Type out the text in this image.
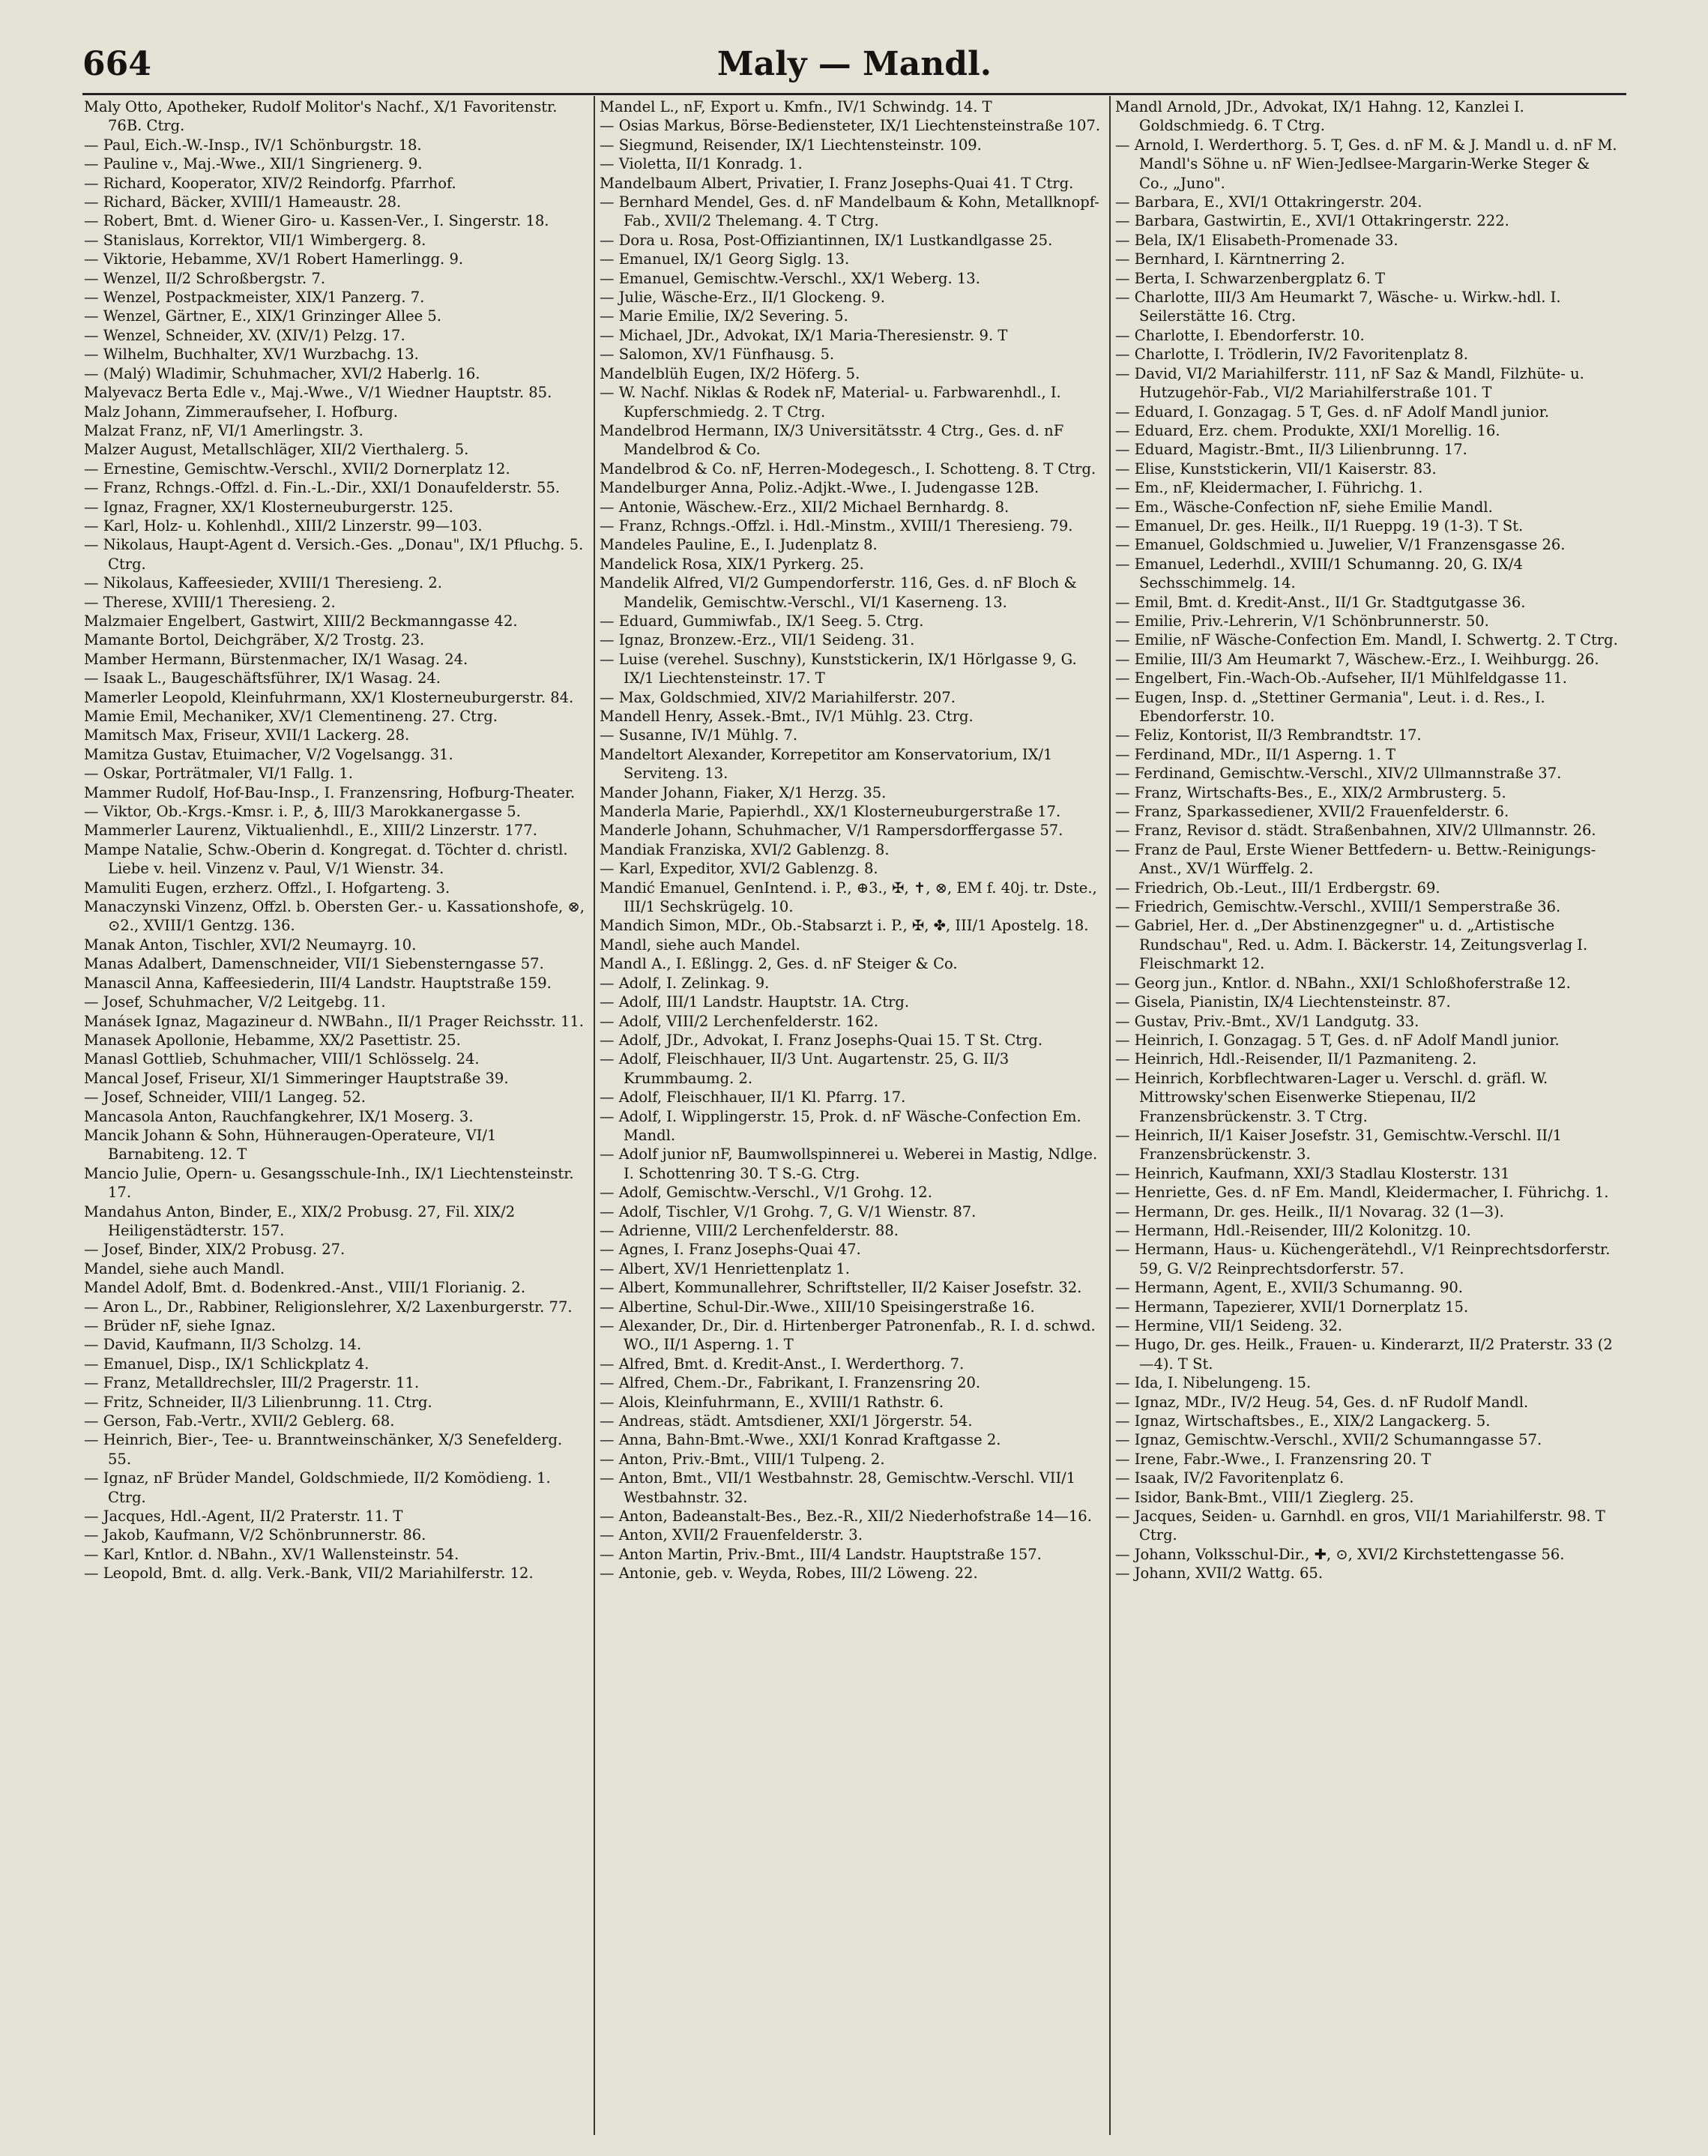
664	Maly — Mandl.
Maly Otto, Apotheker, Rudolf Molitor's Nachf., X/1 Favoritenstr. 76B. Ctrg.
— Paul, Eich.-W.-Insp., IV/1 Schönburgstr. 18.
— Pauline v., Maj.-Wwe., XII/1 Singrienerg. 9.
— Richard, Kooperator, XIV/2 Reindorfg. Pfarrhof.
— Richard, Bäcker, XVIII/1 Hameaustr. 28.
— Robert, Bmt. d. Wiener Giro- u. Kassen-Ver., I. Singerstr. 18.
— Stanislaus, Korrektor, VII/1 Wimbergerg. 8.
— Viktorie, Hebamme, XV/1 Robert Hamerlingg. 9.
— Wenzel, II/2 Schroßbergstr. 7.
— Wenzel, Postpackmeister, XIX/1 Panzerg. 7.
— Wenzel, Gärtner, E., XIX/1 Grinzinger Allee 5.
— Wenzel, Schneider, XV. (XIV/1) Pelzg. 17.
— Wilhelm, Buchhalter, XV/1 Wurzbachg. 13.
— (Malý) Wladimir, Schuhmacher, XVI/2 Haberlg. 16.
Malyevacz Berta Edle v., Maj.-Wwe., V/1 Wiedner Hauptstr. 85.
Malz Johann, Zimmeraufseher, I. Hofburg.
Malzat Franz, nF, VI/1 Amerlingstr. 3.
Malzer August, Metallschläger, XII/2 Vierthalerg. 5.
— Ernestine, Gemischtw.-Verschl., XVII/2 Dornerplatz 12.
— Franz, Rchngs.-Offzl. d. Fin.-L.-Dir., XXI/1 Donaufelderstr. 55.
— Ignaz, Fragner, XX/1 Klosterneuburgerstr. 125.
— Karl, Holz- u. Kohlenhdl., XIII/2 Linzerstr. 99—103.
— Nikolaus, Haupt-Agent d. Versich.-Ges. „Donau", IX/1 Pfluchg. 5. Ctrg.
— Nikolaus, Kaffeesieder, XVIII/1 Theresieng. 2.
— Therese, XVIII/1 Theresieng. 2.
Malzmaier Engelbert, Gastwirt, XIII/2 Beckmanngasse 42.
Mamante Bortol, Deichgräber, X/2 Trostg. 23.
Mamber Hermann, Bürstenmacher, IX/1 Wasag. 24.
— Isaak L., Baugeschäftsführer, IX/1 Wasag. 24.
Mamerler Leopold, Kleinfuhrmann, XX/1 Klosterneuburgerstr. 84.
Mamie Emil, Mechaniker, XV/1 Clementineng. 27. Ctrg.
Mamitsch Max, Friseur, XVII/1 Lackerg. 28.
Mamitza Gustav, Etuimacher, V/2 Vogelsangg. 31.
— Oskar, Porträtmaler, VI/1 Fallg. 1.
Mammer Rudolf, Hof-Bau-Insp., I. Franzensring, Hofburg-Theater.
— Viktor, Ob.-Krgs.-Kmsr. i. P., ♁, III/3 Marokkanergasse 5.
Mammerler Laurenz, Viktualienhdl., E., XIII/2 Linzerstr. 177.
Mampe Natalie, Schw.-Oberin d. Kongregat. d. Töchter d. christl. Liebe v. heil. Vinzenz v. Paul, V/1 Wienstr. 34.
Mamuliti Eugen, erzherz. Offzl., I. Hofgarteng. 3.
Manaczynski Vinzenz, Offzl. b. Obersten Ger.- u. Kassationshofe, ⊗, ⊙2., XVIII/1 Gentzg. 136.
Manak Anton, Tischler, XVI/2 Neumayrg. 10.
Manas Adalbert, Damenschneider, VII/1 Siebensterngasse 57.
Manascil Anna, Kaffeesiederin, III/4 Landstr. Hauptstraße 159.
— Josef, Schuhmacher, V/2 Leitgebg. 11.
Manásek Ignaz, Magazineur d. NWBahn., II/1 Prager Reichsstr. 11.
Manasek Apollonie, Hebamme, XX/2 Pasettistr. 25.
Manasl Gottlieb, Schuhmacher, VIII/1 Schlösselg. 24.
Mancal Josef, Friseur, XI/1 Simmeringer Hauptstraße 39.
— Josef, Schneider, VIII/1 Langeg. 52.
Mancasola Anton, Rauchfangkehrer, IX/1 Moserg. 3.
Mancik Johann & Sohn, Hühneraugen-Operateure, VI/1 Barnabiteng. 12. T
Mancio Julie, Opern- u. Gesangsschule-Inh., IX/1 Liechtensteinstr. 17.
Mandahus Anton, Binder, E., XIX/2 Probusg. 27, Fil. XIX/2 Heiligenstädterstr. 157.
— Josef, Binder, XIX/2 Probusg. 27.
Mandel, siehe auch Mandl.
Mandel Adolf, Bmt. d. Bodenkred.-Anst., VIII/1 Florianig. 2.
— Aron L., Dr., Rabbiner, Religionslehrer, X/2 Laxenburgerstr. 77.
— Brüder nF, siehe Ignaz.
— David, Kaufmann, II/3 Scholzg. 14.
— Emanuel, Disp., IX/1 Schlickplatz 4.
— Franz, Metalldrechsler, III/2 Pragerstr. 11.
— Fritz, Schneider, II/3 Lilienbrunng. 11. Ctrg.
— Gerson, Fab.-Vertr., XVII/2 Geblerg. 68.
— Heinrich, Bier-, Tee- u. Branntweinschänker, X/3 Senefelderg. 55.
— Ignaz, nF Brüder Mandel, Goldschmiede, II/2 Komödieng. 1. Ctrg.
— Jacques, Hdl.-Agent, II/2 Praterstr. 11. T
— Jakob, Kaufmann, V/2 Schönbrunnerstr. 86.
— Karl, Kntlor. d. NBahn., XV/1 Wallensteinstr. 54.
— Leopold, Bmt. d. allg. Verk.-Bank, VII/2 Mariahilferstr. 12.
Mandel L., nF, Export u. Kmfn., IV/1 Schwindg. 14. T
— Osias Markus, Börse-Bediensteter, IX/1 Liechtensteinstraße 107.
— Siegmund, Reisender, IX/1 Liechtensteinstr. 109.
— Violetta, II/1 Konradg. 1.
Mandelbaum Albert, Privatier, I. Franz Josephs-Quai 41. T Ctrg.
— Bernhard Mendel, Ges. d. nF Mandelbaum & Kohn, Metallknopf-Fab., XVII/2 Thelemang. 4. T Ctrg.
— Dora u. Rosa, Post-Offiziantinnen, IX/1 Lustkandlgasse 25.
— Emanuel, IX/1 Georg Siglg. 13.
— Emanuel, Gemischtw.-Verschl., XX/1 Weberg. 13.
— Julie, Wäsche-Erz., II/1 Glockeng. 9.
— Marie Emilie, IX/2 Severing. 5.
— Michael, JDr., Advokat, IX/1 Maria-Theresienstr. 9. T
— Salomon, XV/1 Fünfhausg. 5.
Mandelblüh Eugen, IX/2 Höferg. 5.
— W. Nachf. Niklas & Rodek nF, Material- u. Farbwarenhdl., I. Kupferschmiedg. 2. T Ctrg.
Mandelbrod Hermann, IX/3 Universitätsstr. 4 Ctrg., Ges. d. nF Mandelbrod & Co.
Mandelbrod & Co. nF, Herren-Modegesch., I. Schotteng. 8. T Ctrg.
Mandelburger Anna, Poliz.-Adjkt.-Wwe., I. Judengasse 12B.
— Antonie, Wäschew.-Erz., XII/2 Michael Bernhardg. 8.
— Franz, Rchngs.-Offzl. i. Hdl.-Minstm., XVIII/1 Theresieng. 79.
Mandeles Pauline, E., I. Judenplatz 8.
Mandelick Rosa, XIX/1 Pyrkerg. 25.
Mandelik Alfred, VI/2 Gumpendorferstr. 116, Ges. d. nF Bloch & Mandelik, Gemischtw.-Verschl., VI/1 Kaserneng. 13.
— Eduard, Gummiwfab., IX/1 Seeg. 5. Ctrg.
— Ignaz, Bronzew.-Erz., VII/1 Seideng. 31.
— Luise (verehel. Suschny), Kunststickerin, IX/1 Hörlgasse 9, G. IX/1 Liechtensteinstr. 17. T
— Max, Goldschmied, XIV/2 Mariahilferstr. 207.
Mandell Henry, Assek.-Bmt., IV/1 Mühlg. 23. Ctrg.
— Susanne, IV/1 Mühlg. 7.
Mandeltort Alexander, Korrepetitor am Konservatorium, IX/1 Serviteng. 13.
Mander Johann, Fiaker, X/1 Herzg. 35.
Manderla Marie, Papierhdl., XX/1 Klosterneuburgerstraße 17.
Manderle Johann, Schuhmacher, V/1 Rampersdorffergasse 57.
Mandiak Franziska, XVI/2 Gablenzg. 8.
— Karl, Expeditor, XVI/2 Gablenzg. 8.
Mandić Emanuel, GenIntend. i. P., ⊕3., ✠, ✝, ⊗, EM f. 40j. tr. Dste., III/1 Sechskrügelg. 10.
Mandich Simon, MDr., Ob.-Stabsarzt i. P., ✠, ✤, III/1 Apostelg. 18.
Mandl, siehe auch Mandel.
Mandl A., I. Eßlingg. 2, Ges. d. nF Steiger & Co.
— Adolf, I. Zelinkag. 9.
— Adolf, III/1 Landstr. Hauptstr. 1A. Ctrg.
— Adolf, VIII/2 Lerchenfelderstr. 162.
— Adolf, JDr., Advokat, I. Franz Josephs-Quai 15. T St. Ctrg.
— Adolf, Fleischhauer, II/3 Unt. Augartenstr. 25, G. II/3 Krummbaumg. 2.
— Adolf, Fleischhauer, II/1 Kl. Pfarrg. 17.
— Adolf, I. Wipplingerstr. 15, Prok. d. nF Wäsche-Confection Em. Mandl.
— Adolf junior nF, Baumwollspinnerei u. Weberei in Mastig, Ndlge. I. Schottenring 30. T S.-G. Ctrg.
— Adolf, Gemischtw.-Verschl., V/1 Grohg. 12.
— Adolf, Tischler, V/1 Grohg. 7, G. V/1 Wienstr. 87.
— Adrienne, VIII/2 Lerchenfelderstr. 88.
— Agnes, I. Franz Josephs-Quai 47.
— Albert, XV/1 Henriettenplatz 1.
— Albert, Kommunallehrer, Schriftsteller, II/2 Kaiser Josefstr. 32.
— Albertine, Schul-Dir.-Wwe., XIII/10 Speisingerstraße 16.
— Alexander, Dr., Dir. d. Hirtenberger Patronenfab., R. I. d. schwd. WO., II/1 Asperng. 1. T
— Alfred, Bmt. d. Kredit-Anst., I. Werderthorg. 7.
— Alfred, Chem.-Dr., Fabrikant, I. Franzensring 20.
— Alois, Kleinfuhrmann, E., XVIII/1 Rathstr. 6.
— Andreas, städt. Amtsdiener, XXI/1 Jörgerstr. 54.
— Anna, Bahn-Bmt.-Wwe., XXI/1 Konrad Kraftgasse 2.
— Anton, Priv.-Bmt., VIII/1 Tulpeng. 2.
— Anton, Bmt., VII/1 Westbahnstr. 28, Gemischtw.-Verschl. VII/1 Westbahnstr. 32.
— Anton, Badeanstalt-Bes., Bez.-R., XII/2 Niederhofstraße 14—16.
— Anton, XVII/2 Frauenfelderstr. 3.
— Anton Martin, Priv.-Bmt., III/4 Landstr. Hauptstraße 157.
— Antonie, geb. v. Weyda, Robes, III/2 Löweng. 22.
Mandl Arnold, JDr., Advokat, IX/1 Hahng. 12, Kanzlei I. Goldschmiedg. 6. T Ctrg.
— Arnold, I. Werderthorg. 5. T, Ges. d. nF M. & J. Mandl u. d. nF M. Mandl's Söhne u. nF Wien-Jedlsee-Margarin-Werke Steger & Co., „Juno".
— Barbara, E., XVI/1 Ottakringerstr. 204.
— Barbara, Gastwirtin, E., XVI/1 Ottakringerstr. 222.
— Bela, IX/1 Elisabeth-Promenade 33.
— Bernhard, I. Kärntnerring 2.
— Berta, I. Schwarzenbergplatz 6. T
— Charlotte, III/3 Am Heumarkt 7, Wäsche- u. Wirkw.-hdl. I. Seilerstätte 16. Ctrg.
— Charlotte, I. Ebendorferstr. 10.
— Charlotte, I. Trödlerin, IV/2 Favoritenplatz 8.
— David, VI/2 Mariahilferstr. 111, nF Saz & Mandl, Filzhüte- u. Hutzugehör-Fab., VI/2 Mariahilferstraße 101. T
— Eduard, I. Gonzagag. 5 T, Ges. d. nF Adolf Mandl junior.
— Eduard, Erz. chem. Produkte, XXI/1 Morellig. 16.
— Eduard, Magistr.-Bmt., II/3 Lilienbrunng. 17.
— Elise, Kunststickerin, VII/1 Kaiserstr. 83.
— Em., nF, Kleidermacher, I. Führichg. 1.
— Em., Wäsche-Confection nF, siehe Emilie Mandl.
— Emanuel, Dr. ges. Heilk., II/1 Rueppg. 19 (1-3). T St.
— Emanuel, Goldschmied u. Juwelier, V/1 Franzensgasse 26.
— Emanuel, Lederhdl., XVIII/1 Schumanng. 20, G. IX/4 Sechsschimmelg. 14.
— Emil, Bmt. d. Kredit-Anst., II/1 Gr. Stadtgutgasse 36.
— Emilie, Priv.-Lehrerin, V/1 Schönbrunnerstr. 50.
— Emilie, nF Wäsche-Confection Em. Mandl, I. Schwertg. 2. T Ctrg.
— Emilie, III/3 Am Heumarkt 7, Wäschew.-Erz., I. Weihburgg. 26.
— Engelbert, Fin.-Wach-Ob.-Aufseher, II/1 Mühlfeldgasse 11.
— Eugen, Insp. d. „Stettiner Germania", Leut. i. d. Res., I. Ebendorferstr. 10.
— Feliz, Kontorist, II/3 Rembrandtstr. 17.
— Ferdinand, MDr., II/1 Asperng. 1. T
— Ferdinand, Gemischtw.-Verschl., XIV/2 Ullmannstraße 37.
— Franz, Wirtschafts-Bes., E., XIX/2 Armbrusterg. 5.
— Franz, Sparkassediener, XVII/2 Frauenfelderstr. 6.
— Franz, Revisor d. städt. Straßenbahnen, XIV/2 Ullmannstr. 26.
— Franz de Paul, Erste Wiener Bettfedern- u. Bettw.-Reinigungs-Anst., XV/1 Würffelg. 2.
— Friedrich, Ob.-Leut., III/1 Erdbergstr. 69.
— Friedrich, Gemischtw.-Verschl., XVIII/1 Semperstraße 36.
— Gabriel, Her. d. „Der Abstinenzgegner" u. d. „Artistische Rundschau", Red. u. Adm. I. Bäckerstr. 14, Zeitungsverlag I. Fleischmarkt 12.
— Georg jun., Kntlor. d. NBahn., XXI/1 Schloßhoferstraße 12.
— Gisela, Pianistin, IX/4 Liechtensteinstr. 87.
— Gustav, Priv.-Bmt., XV/1 Landgutg. 33.
— Heinrich, I. Gonzagag. 5 T, Ges. d. nF Adolf Mandl junior.
— Heinrich, Hdl.-Reisender, II/1 Pazmaniteng. 2.
— Heinrich, Korbflechtwaren-Lager u. Verschl. d. gräfl. W. Mittrowsky'schen Eisenwerke Stiepenau, II/2 Franzensbrückenstr. 3. T Ctrg.
— Heinrich, II/1 Kaiser Josefstr. 31, Gemischtw.-Verschl. II/1 Franzensbrückenstr. 3.
— Heinrich, Kaufmann, XXI/3 Stadlau Klosterstr. 131
— Henriette, Ges. d. nF Em. Mandl, Kleidermacher, I. Führichg. 1.
— Hermann, Dr. ges. Heilk., II/1 Novarag. 32 (1—3).
— Hermann, Hdl.-Reisender, III/2 Kolonitzg. 10.
— Hermann, Haus- u. Küchengerätehdl., V/1 Reinprechtsdorferstr. 59, G. V/2 Reinprechtsdorferstr. 57.
— Hermann, Agent, E., XVII/3 Schumanng. 90.
— Hermann, Tapezierer, XVII/1 Dornerplatz 15.
— Hermine, VII/1 Seideng. 32.
— Hugo, Dr. ges. Heilk., Frauen- u. Kinderarzt, II/2 Praterstr. 33 (2—4). T St.
— Ida, I. Nibelungeng. 15.
— Ignaz, MDr., IV/2 Heug. 54, Ges. d. nF Rudolf Mandl.
— Ignaz, Wirtschaftsbes., E., XIX/2 Langackerg. 5.
— Ignaz, Gemischtw.-Verschl., XVII/2 Schumanngasse 57.
— Irene, Fabr.-Wwe., I. Franzensring 20. T
— Isaak, IV/2 Favoritenplatz 6.
— Isidor, Bank-Bmt., VIII/1 Zieglerg. 25.
— Jacques, Seiden- u. Garnhdl. en gros, VII/1 Mariahilferstr. 98. T Ctrg.
— Johann, Volksschul-Dir., ✚, ⊙, XVI/2 Kirchstettengasse 56.
— Johann, XVII/2 Wattg. 65.
